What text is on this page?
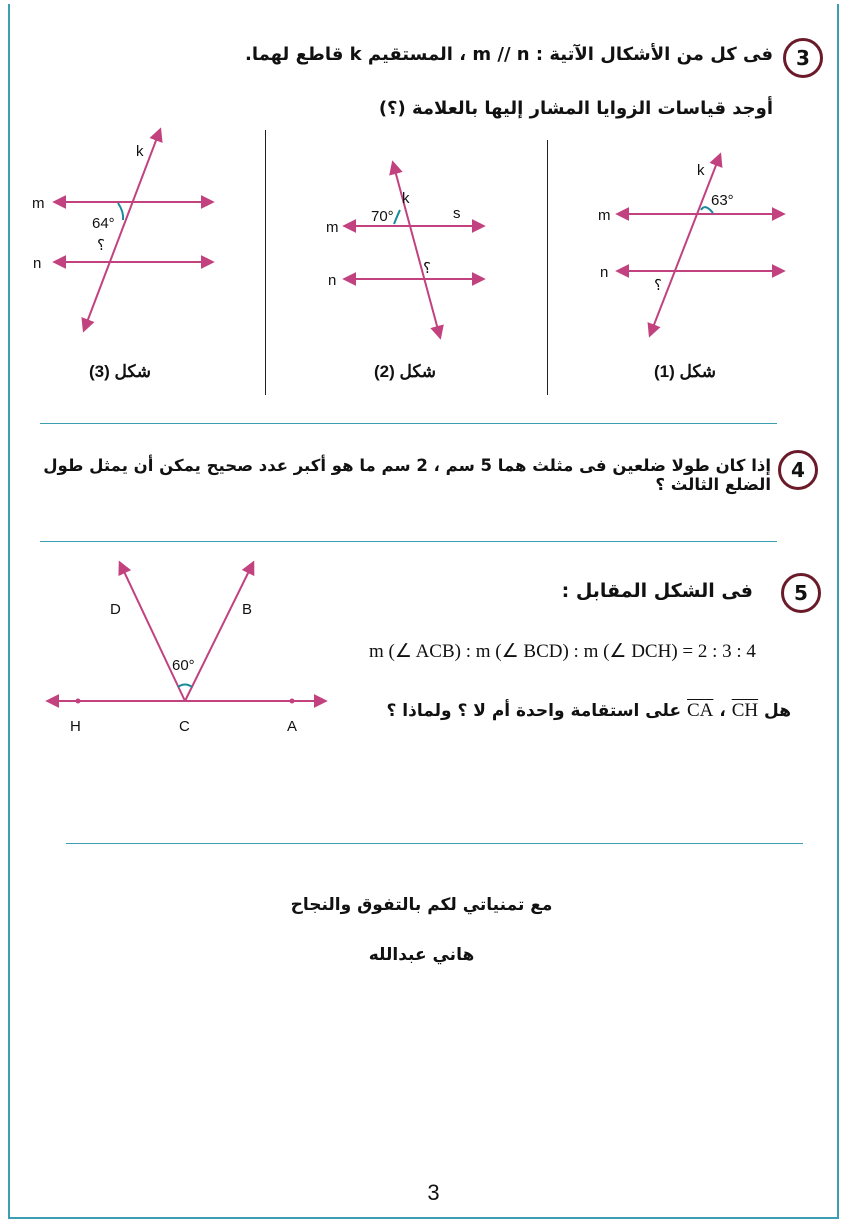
3
فى كل من الأشكال الآتية : m // n ، المستقيم k قاطع لهما.
أوجد قياسات الزوايا المشار إليها بالعلامة (؟)
m
n
k
64°
؟
شكل (3)
m
n
k
s
70°
؟
شكل (2)
m
n
k
63°
؟
شكل (1)
4
إذا كان طولا ضلعين فى مثلث هما 5 سم ، 2 سم ما هو أكبر عدد صحيح يمكن أن يمثل طول الضلع الثالث ؟
5
فى الشكل المقابل :
m (∠ ACB) : m (∠ BCD) : m (∠ DCH) = 2 : 3 : 4
هل CA ، CH على استقامة واحدة أم لا ؟ ولماذا ؟
D	B
60°
H	C	A
مع تمنياتي لكم بالتفوق والنجاح
هاني عبدالله
3
